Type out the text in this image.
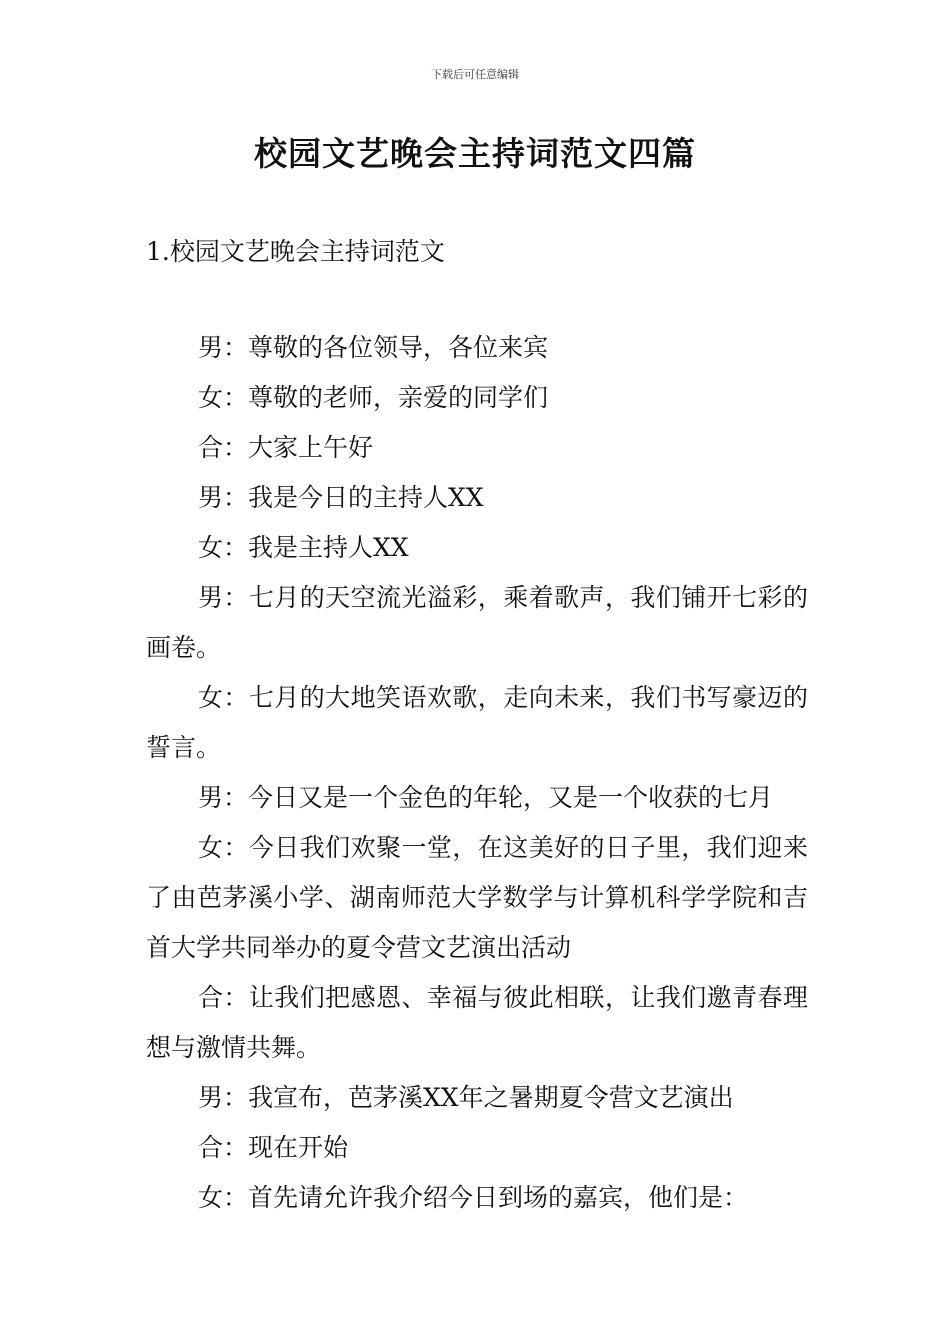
下载后可任意编辑
校园文艺晚会主持词范文四篇
1.校园文艺晚会主持词范文

男：尊敬的各位领导，各位来宾

女：尊敬的老师，亲爱的同学们

合：大家上午好

男：我是今日的主持人XX

女：我是主持人XX

男：七月的天空流光溢彩，乘着歌声，我们铺开七彩的画卷。

女：七月的大地笑语欢歌，走向未来，我们书写豪迈的誓言。

男：今日又是一个金色的年轮，又是一个收获的七月

女：今日我们欢聚一堂，在这美好的日子里，我们迎来了由芭茅溪小学、湖南师范大学数学与计算机科学学院和吉首大学共同举办的夏令营文艺演出活动

合：让我们把感恩、幸福与彼此相联，让我们邀青春理想与激情共舞。

男：我宣布，芭茅溪XX年之暑期夏令营文艺演出

合：现在开始

女：首先请允许我介绍今日到场的嘉宾，他们是：
